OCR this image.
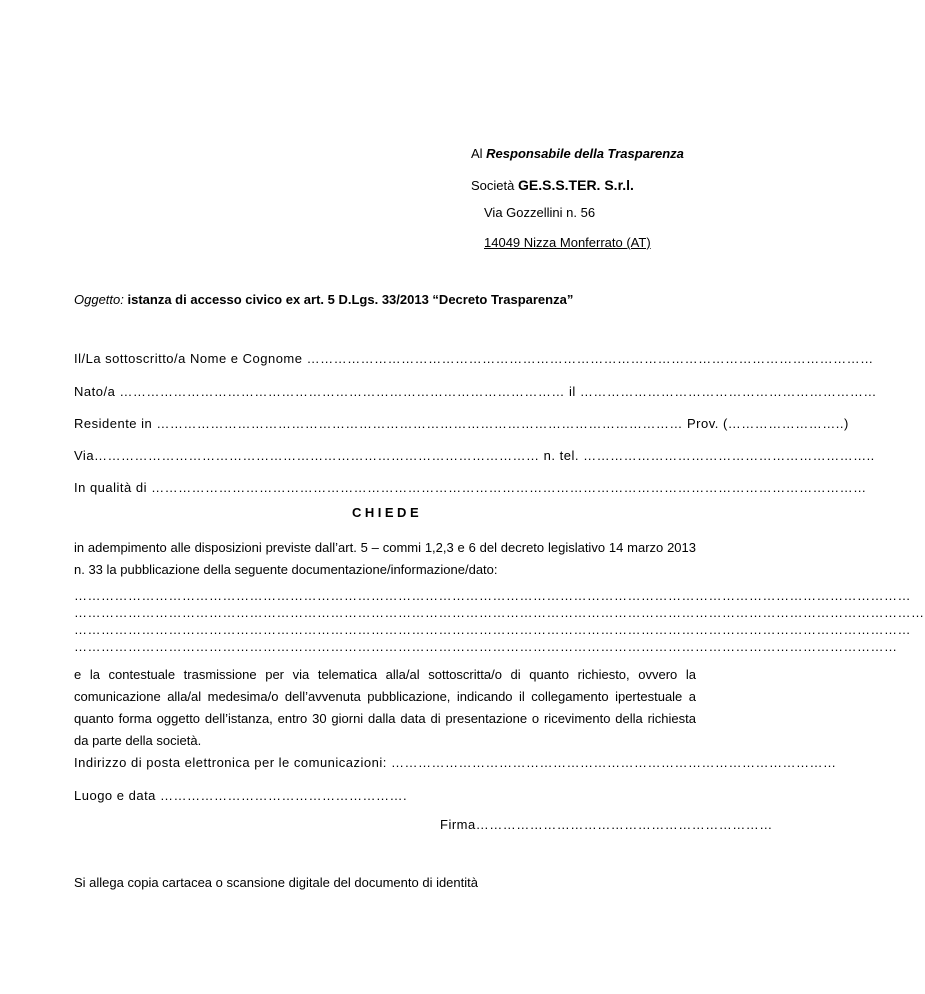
Al Responsabile della Trasparenza
Società GE.S.S.TER. S.r.l.
Via Gozzellini n. 56
14049 Nizza Monferrato (AT)
Oggetto: istanza di accesso civico ex art. 5 D.Lgs. 33/2013 “Decreto Trasparenza”
Il/La sottoscritto/a Nome e Cognome ………………………………………………………………………………………………………………
Nato/a ……………………………………………………………………………………… il …………………………………………………………
Residente in ……………………………………………………………………………………………………… Prov. (……………………..)
Via……………………………………………………………………………………… n. tel. ………………………………………………………..
In qualità di ……………………………………………………………………………………………………………………………………………
CHIEDE
in adempimento alle disposizioni previste dall’art. 5 – commi 1,2,3 e 6 del decreto legislativo 14 marzo 2013 n. 33 la pubblicazione della seguente documentazione/informazione/dato:
……………………………………………………………………………………………………………………………………………………………………
………………………………………………………………………………………………………………………………………………………………………
……………………………………………………………………………………………………………………………………………………………………
…………………………………………………………………………………………………………………………………………………………………
e la contestuale trasmissione per via telematica alla/al sottoscritta/o di quanto richiesto, ovvero la comunicazione alla/al medesima/o dell’avvenuta pubblicazione, indicando il collegamento ipertestuale a quanto forma oggetto dell’istanza, entro 30 giorni dalla data di presentazione o ricevimento della richiesta da parte della società.
Indirizzo di posta elettronica per le comunicazioni: ………………………………………………………………………………………
Luogo e data ……………………………………………….
Firma…………………………………………………………
Si allega copia cartacea o scansione digitale del documento di identità
